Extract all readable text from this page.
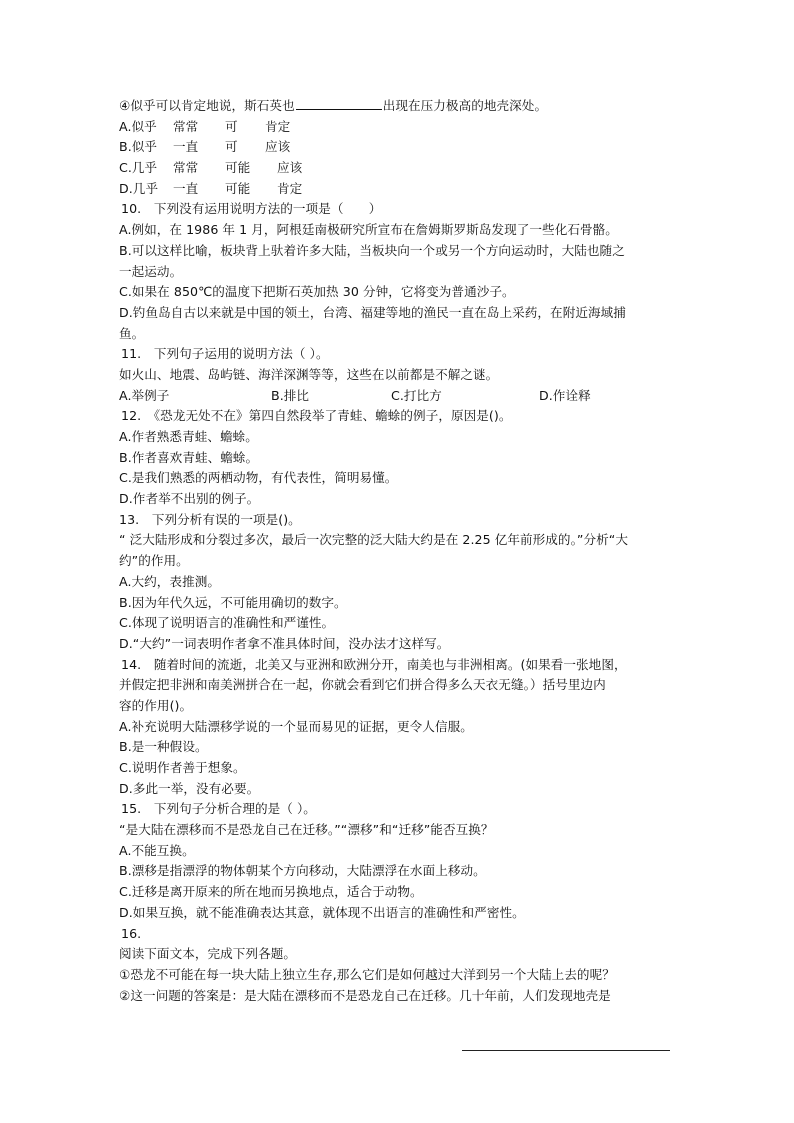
④似乎可以肯定地说，斯石英也	出现在压力极高的地壳深处。
A.似乎 常常 可 肯定
B.似乎 一直 可 应该
C.几乎 常常 可能 应该
D.几乎 一直 可能 肯定
10.　下列没有运用说明方法的一项是（　　）
A.例如，在 1986 年 1 月，阿根廷南极研究所宣布在詹姆斯罗斯岛发现了一些化石骨骼。
B.可以这样比喻，板块背上驮着许多大陆，当板块向一个或另一个方向运动时，大陆也随之
一起运动。
C.如果在 850℃的温度下把斯石英加热 30 分钟，它将变为普通沙子。
D.钓鱼岛自古以来就是中国的领土，台湾、福建等地的渔民一直在岛上采药，在附近海域捕
鱼。
11.　下列句子运用的说明方法（ ）。
如火山、地震、岛屿链、海洋深渊等等，这些在以前都是不解之谜。
A.举例子	B.排比	C.打比方	D.作诠释
12.　《恐龙无处不在》第四自然段举了青蛙、蟾蜍的例子，原因是()。
A.作者熟悉青蛙、蟾蜍。
B.作者喜欢青蛙、蟾蜍。
C.是我们熟悉的两栖动物，有代表性，简明易懂。
D.作者举不出别的例子。
13.　下列分析有误的一项是()。
“ 泛大陆形成和分裂过多次，最后一次完整的泛大陆大约是在 2.25 亿年前形成的。”分析“大
约”的作用。
A.大约，表推测。
B.因为年代久远，不可能用确切的数字。
C.体现了说明语言的准确性和严谨性。
D.“大约”一词表明作者拿不准具体时间，没办法才这样写。
14.　随着时间的流逝，北美又与亚洲和欧洲分开，南美也与非洲相离。(如果看一张地图，
并假定把非洲和南美洲拼合在一起，你就会看到它们拼合得多么天衣无缝。）括号里边内
容的作用()。
A.补充说明大陆漂移学说的一个显而易见的证据，更令人信服。
B.是一种假设。
C.说明作者善于想象。
D.多此一举，没有必要。
15.　下列句子分析合理的是（ ）。
“是大陆在漂移而不是恐龙自己在迁移。”“漂移”和“迁移”能否互换？
A.不能互换。
B.漂移是指漂浮的物体朝某个方向移动，大陆漂浮在水面上移动。
C.迁移是离开原来的所在地而另换地点，适合于动物。
D.如果互换，就不能准确表达其意，就体现不出语言的准确性和严密性。
16.
阅读下面文本，完成下列各题。
①恐龙不可能在每一块大陆上独立生存,那么它们是如何越过大洋到另一个大陆上去的呢？
②这一问题的答案是：是大陆在漂移而不是恐龙自己在迁移。几十年前，人们发现地壳是
